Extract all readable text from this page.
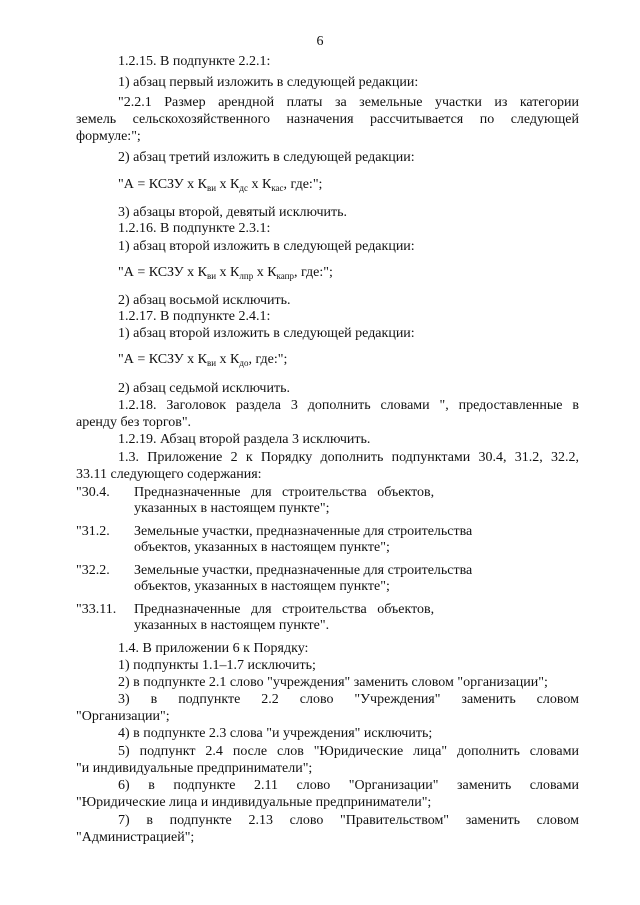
6
1.2.15. В подпункте 2.2.1:
1) абзац первый изложить в следующей редакции:
"2.2.1 Размер арендной платы за земельные участки из категории
земель сельскохозяйственного назначения рассчитывается по следующей
формуле:";
2) абзац третий изложить в следующей редакции:
"А = КСЗУ x $К_{ви}$ x $К_{дс}$ x $К_{кас}$, где:";
3) абзацы второй, девятый исключить.
1.2.16. В подпункте 2.3.1:
1) абзац второй изложить в следующей редакции:
"А = КСЗУ x $К_{ви}$ x $К_{лпр}$ x $К_{капр}$, где:";
2) абзац восьмой исключить.
1.2.17. В подпункте 2.4.1:
1) абзац второй изложить в следующей редакции:
"А = КСЗУ x $К_{ви}$ x $К_{до}$, где:";
2) абзац седьмой исключить.
1.2.18. Заголовок раздела 3 дополнить словами ", предоставленные в
аренду без торгов".
1.2.19. Абзац второй раздела 3 исключить.
1.3. Приложение 2 к Порядку дополнить подпунктами 30.4, 31.2, 32.2,
33.11 следующего содержания:
"30.4. Предназначенные   для   строительства   объектов,
указанных в настоящем пункте";
"31.2. Земельные участки, предназначенные для строительства
объектов, указанных в настоящем пункте";
"32.2. Земельные участки, предназначенные для строительства
объектов, указанных в настоящем пункте";
"33.11. Предназначенные   для   строительства   объектов,
указанных в настоящем пункте".
1.4. В приложении 6 к Порядку:
1) подпункты 1.1–1.7 исключить;
2) в подпункте 2.1 слово "учреждения" заменить словом "организации";
3) в подпункте 2.2 слово "Учреждения" заменить словом
"Организации";
4) в подпункте 2.3 слова "и учреждения" исключить;
5) подпункт 2.4 после слов "Юридические лица" дополнить словами
"и индивидуальные предприниматели";
6) в подпункте 2.11 слово "Организации" заменить словами
"Юридические лица и индивидуальные предприниматели";
7) в подпункте 2.13 слово "Правительством" заменить словом
"Администрацией";
